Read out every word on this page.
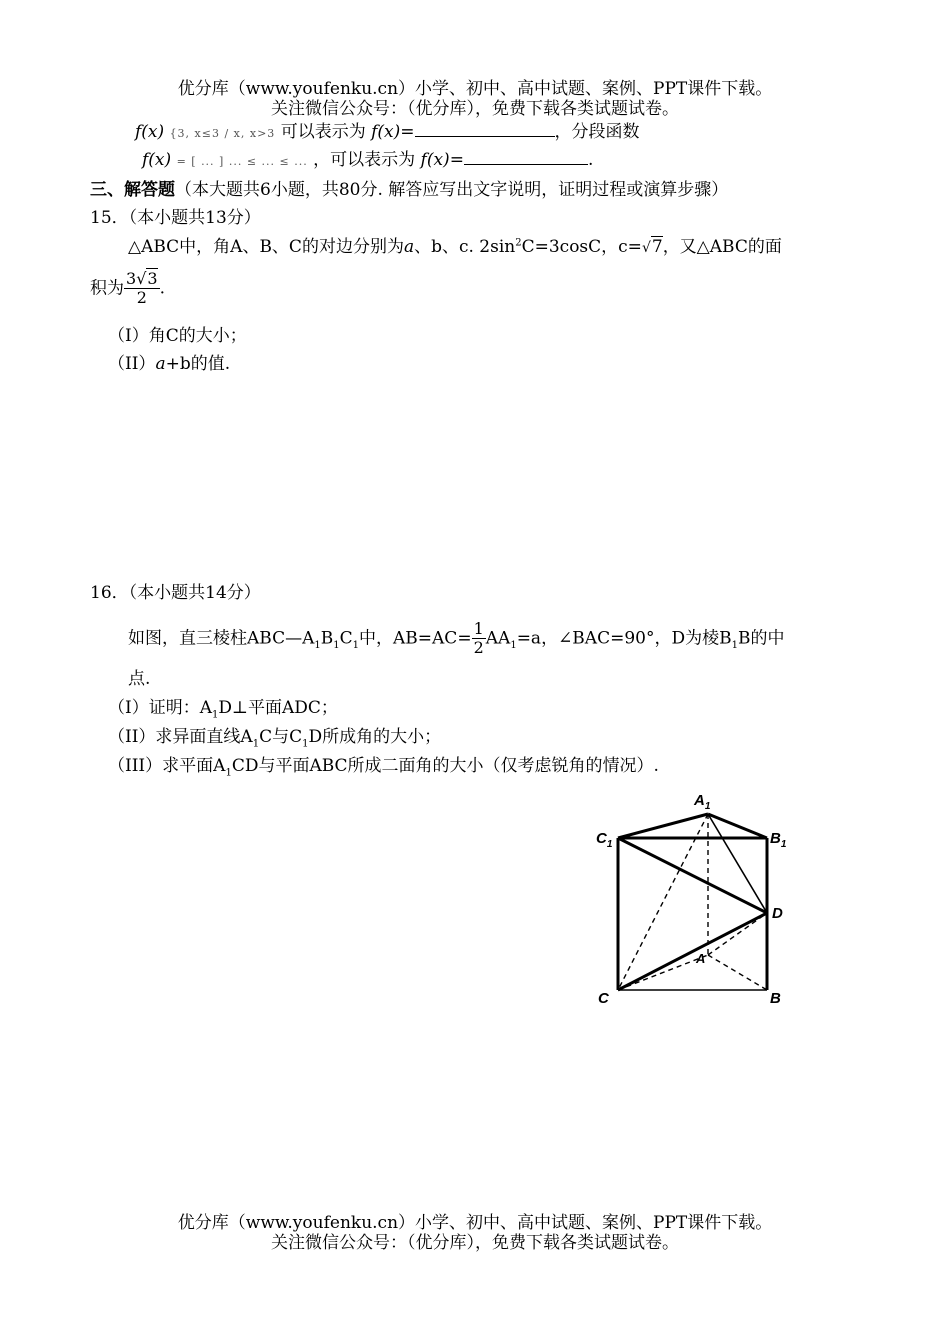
优分库（www.youfenku.cn）小学、初中、高中试题、案例、PPT课件下载。
关注微信公众号：（优分库），免费下载各类试题试卷。
f(x) {3, x≤3 / x, x>3 可以表示为 f(x)=	，分段函数
f(x) = [ ... ] ... ≤ ... ≤ ... ，可以表示为 f(x)=	.
三、解答题（本大题共6小题，共80分. 解答应写出文字说明，证明过程或演算步骤）
15．（本小题共13分）
△ABC中，角A、B、C的对边分别为a、b、c. $2\sin^2C=3\cos C$，c=√7，又△ABC的面
积为 $\frac{3√3}{2}$ .
（I）角C的大小；
（II）a+b的值.
16．（本小题共14分）
如图，直三棱柱$ABC—A_1B_1C_1$中，$AB=AC= \frac{1}{2} AA_1=a$，∠BAC=90°，D为棱$B_1B$的中
点.
（I）证明：$A_1D\perp$平面ADC；
（II）求异面直线$A_1C$与$C_1D$所成角的大小；
（III）求平面$A_1CD$与平面ABC所成二面角的大小（仅考虑锐角的情况）.
$A_1$
$C_1$	$B_1$
D
A
C	B
优分库（www.youfenku.cn）小学、初中、高中试题、案例、PPT课件下载。
关注微信公众号：（优分库），免费下载各类试题试卷。
